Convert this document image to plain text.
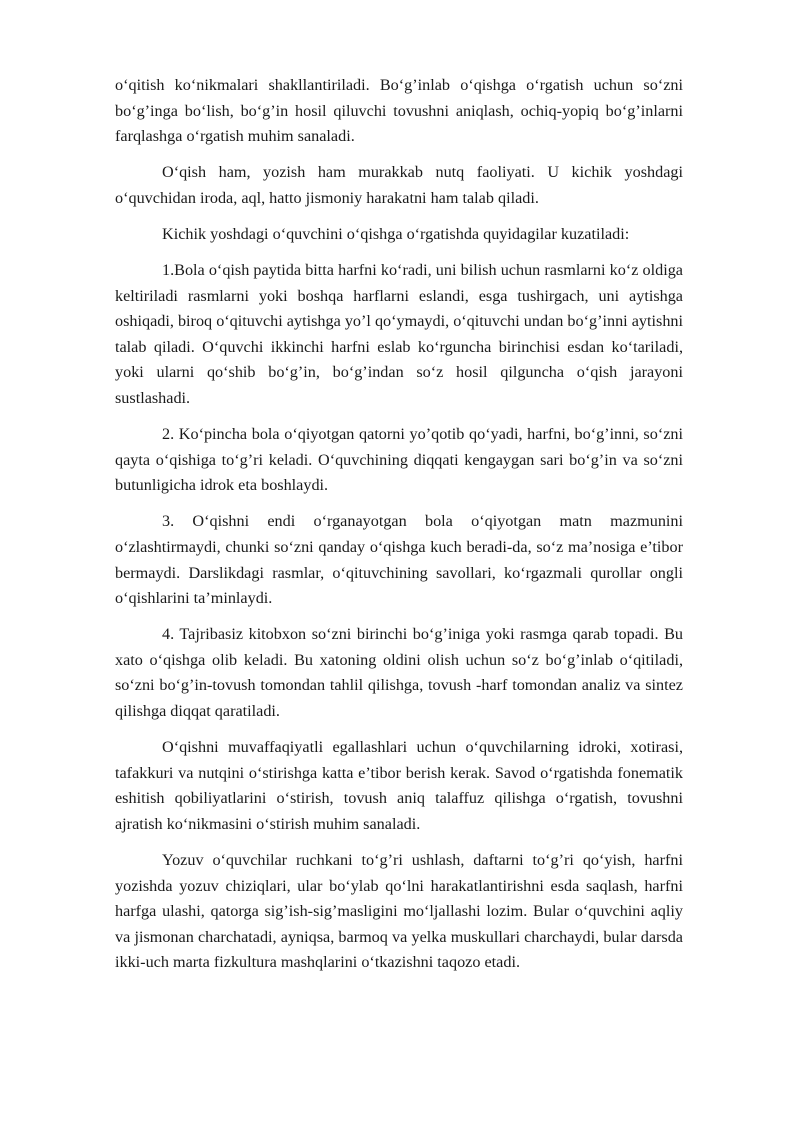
o‘qitish ko‘nikmalari shakllantiriladi. Bo‘g’inlab o‘qishga o‘rgatish uchun so‘zni bo‘g’inga bo‘lish, bo‘g’in hosil qiluvchi tovushni aniqlash, ochiq-yopiq bo‘g’inlarni farqlashga o‘rgatish muhim sanaladi.

O‘qish ham, yozish ham murakkab nutq faoliyati. U kichik yoshdagi o‘quvchidan iroda, aql, hatto jismoniy harakatni ham talab qiladi.

Kichik yoshdagi o‘quvchini o‘qishga o‘rgatishda quyidagilar kuzatiladi:

1.Bola o‘qish paytida bitta harfni ko‘radi, uni bilish uchun rasmlarni ko‘z oldiga keltiriladi rasmlarni yoki boshqa harflarni eslandi, esga tushirgach, uni aytishga oshiqadi, biroq o‘qituvchi aytishga yo’l qo‘ymaydi, o‘qituvchi undan bo‘g’inni aytishni talab qiladi. O‘quvchi ikkinchi harfni eslab ko‘rguncha birinchisi esdan ko‘tariladi, yoki ularni qo‘shib bo‘g’in, bo‘g’indan so‘z hosil qilguncha o‘qish jarayoni sustlashadi.

2. Ko‘pincha bola o‘qiyotgan qatorni yo’qotib qo‘yadi, harfni, bo‘g’inni, so‘zni qayta o‘qishiga to‘g’ri keladi. O‘quvchining diqqati kengaygan sari bo‘g’in va so‘zni butunligicha idrok eta boshlaydi.

3. O‘qishni endi o‘rganayotgan bola o‘qiyotgan matn mazmunini o‘zlashtirmaydi, chunki so‘zni qanday o‘qishga kuch beradi-da, so‘z ma’nosiga e’tibor bermaydi. Darslikdagi rasmlar, o‘qituvchining savollari, ko‘rgazmali qurollar ongli o‘qishlarini ta’minlaydi.

4. Tajribasiz kitobxon so‘zni birinchi bo‘g’iniga yoki rasmga qarab topadi. Bu xato o‘qishga olib keladi. Bu xatoning oldini olish uchun so‘z bo‘g’inlab o‘qitiladi, so‘zni bo‘g’in-tovush tomondan tahlil qilishga, tovush -harf tomondan analiz va sintez qilishga diqqat qaratiladi.

O‘qishni muvaffaqiyatli egallashlari uchun o‘quvchilarning idroki, xotirasi, tafakkuri va nutqini o‘stirishga katta e’tibor berish kerak. Savod o‘rgatishda fonematik eshitish qobiliyatlarini o‘stirish, tovush aniq talaffuz qilishga o‘rgatish, tovushni ajratish ko‘nikmasini o‘stirish muhim sanaladi.

Yozuv o‘quvchilar ruchkani to‘g’ri ushlash, daftarni to‘g’ri qo‘yish, harfni yozishda yozuv chiziqlari, ular bo‘ylab qo‘lni harakatlantirishni esda saqlash, harfni harfga ulashi, qatorga sig’ish-sig’masligini mo‘ljallashi lozim. Bular o‘quvchini aqliy va jismonan charchatadi, ayniqsa, barmoq va yelka muskullari charchaydi, bular darsda ikki-uch marta fizkultura mashqlarini o‘tkazishni taqozo etadi.
